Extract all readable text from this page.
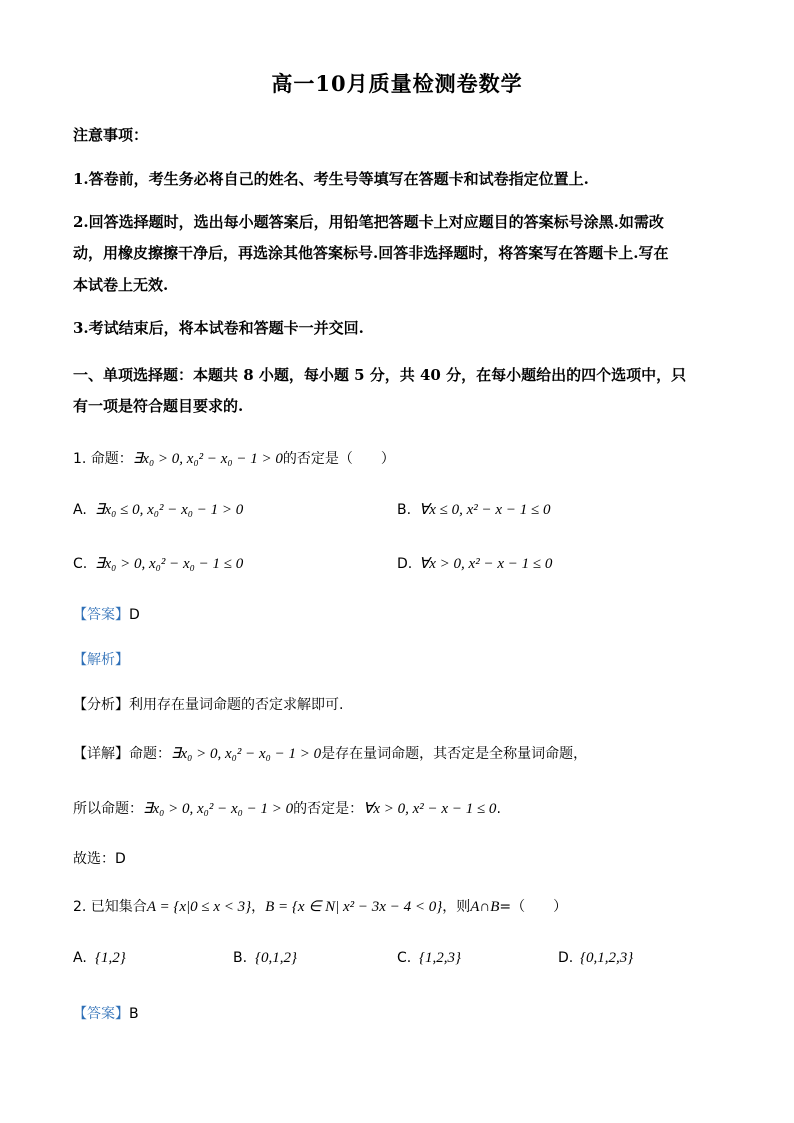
高一10月质量检测卷数学
注意事项：
1.答卷前，考生务必将自己的姓名、考生号等填写在答题卡和试卷指定位置上.
2.回答选择题时，选出每小题答案后，用铅笔把答题卡上对应题目的答案标号涂黑.如需改
动，用橡皮擦擦干净后，再选涂其他答案标号.回答非选择题时，将答案写在答题卡上.写在
本试卷上无效.
3.考试结束后，将本试卷和答题卡一并交回.
一、单项选择题：本题共 8 小题，每小题 5 分，共 40 分，在每小题给出的四个选项中，只
有一项是符合题目要求的.
1. 命题：∃x₀ > 0, x₀² − x₀ − 1 > 0的否定是（　　）
A. ∃x₀ ≤ 0, x₀² − x₀ − 1 > 0	B. ∀x ≤ 0, x² − x − 1 ≤ 0
C. ∃x₀ > 0, x₀² − x₀ − 1 ≤ 0	D. ∀x > 0, x² − x − 1 ≤ 0
【答案】D
【解析】
【分析】利用存在量词命题的否定求解即可.
【详解】命题：∃x₀ > 0, x₀² − x₀ − 1 > 0是存在量词命题，其否定是全称量词命题，
所以命题：∃x₀ > 0, x₀² − x₀ − 1 > 0的否定是：∀x > 0, x² − x − 1 ≤ 0.
故选：D
2. 已知集合A = {x|0 ≤ x < 3}，B = {x ∈ N| x² − 3x − 4 < 0}，则A∩B=（　　）
A. {1,2}	B. {0,1,2}	C. {1,2,3}	D. {0,1,2,3}
【答案】B
